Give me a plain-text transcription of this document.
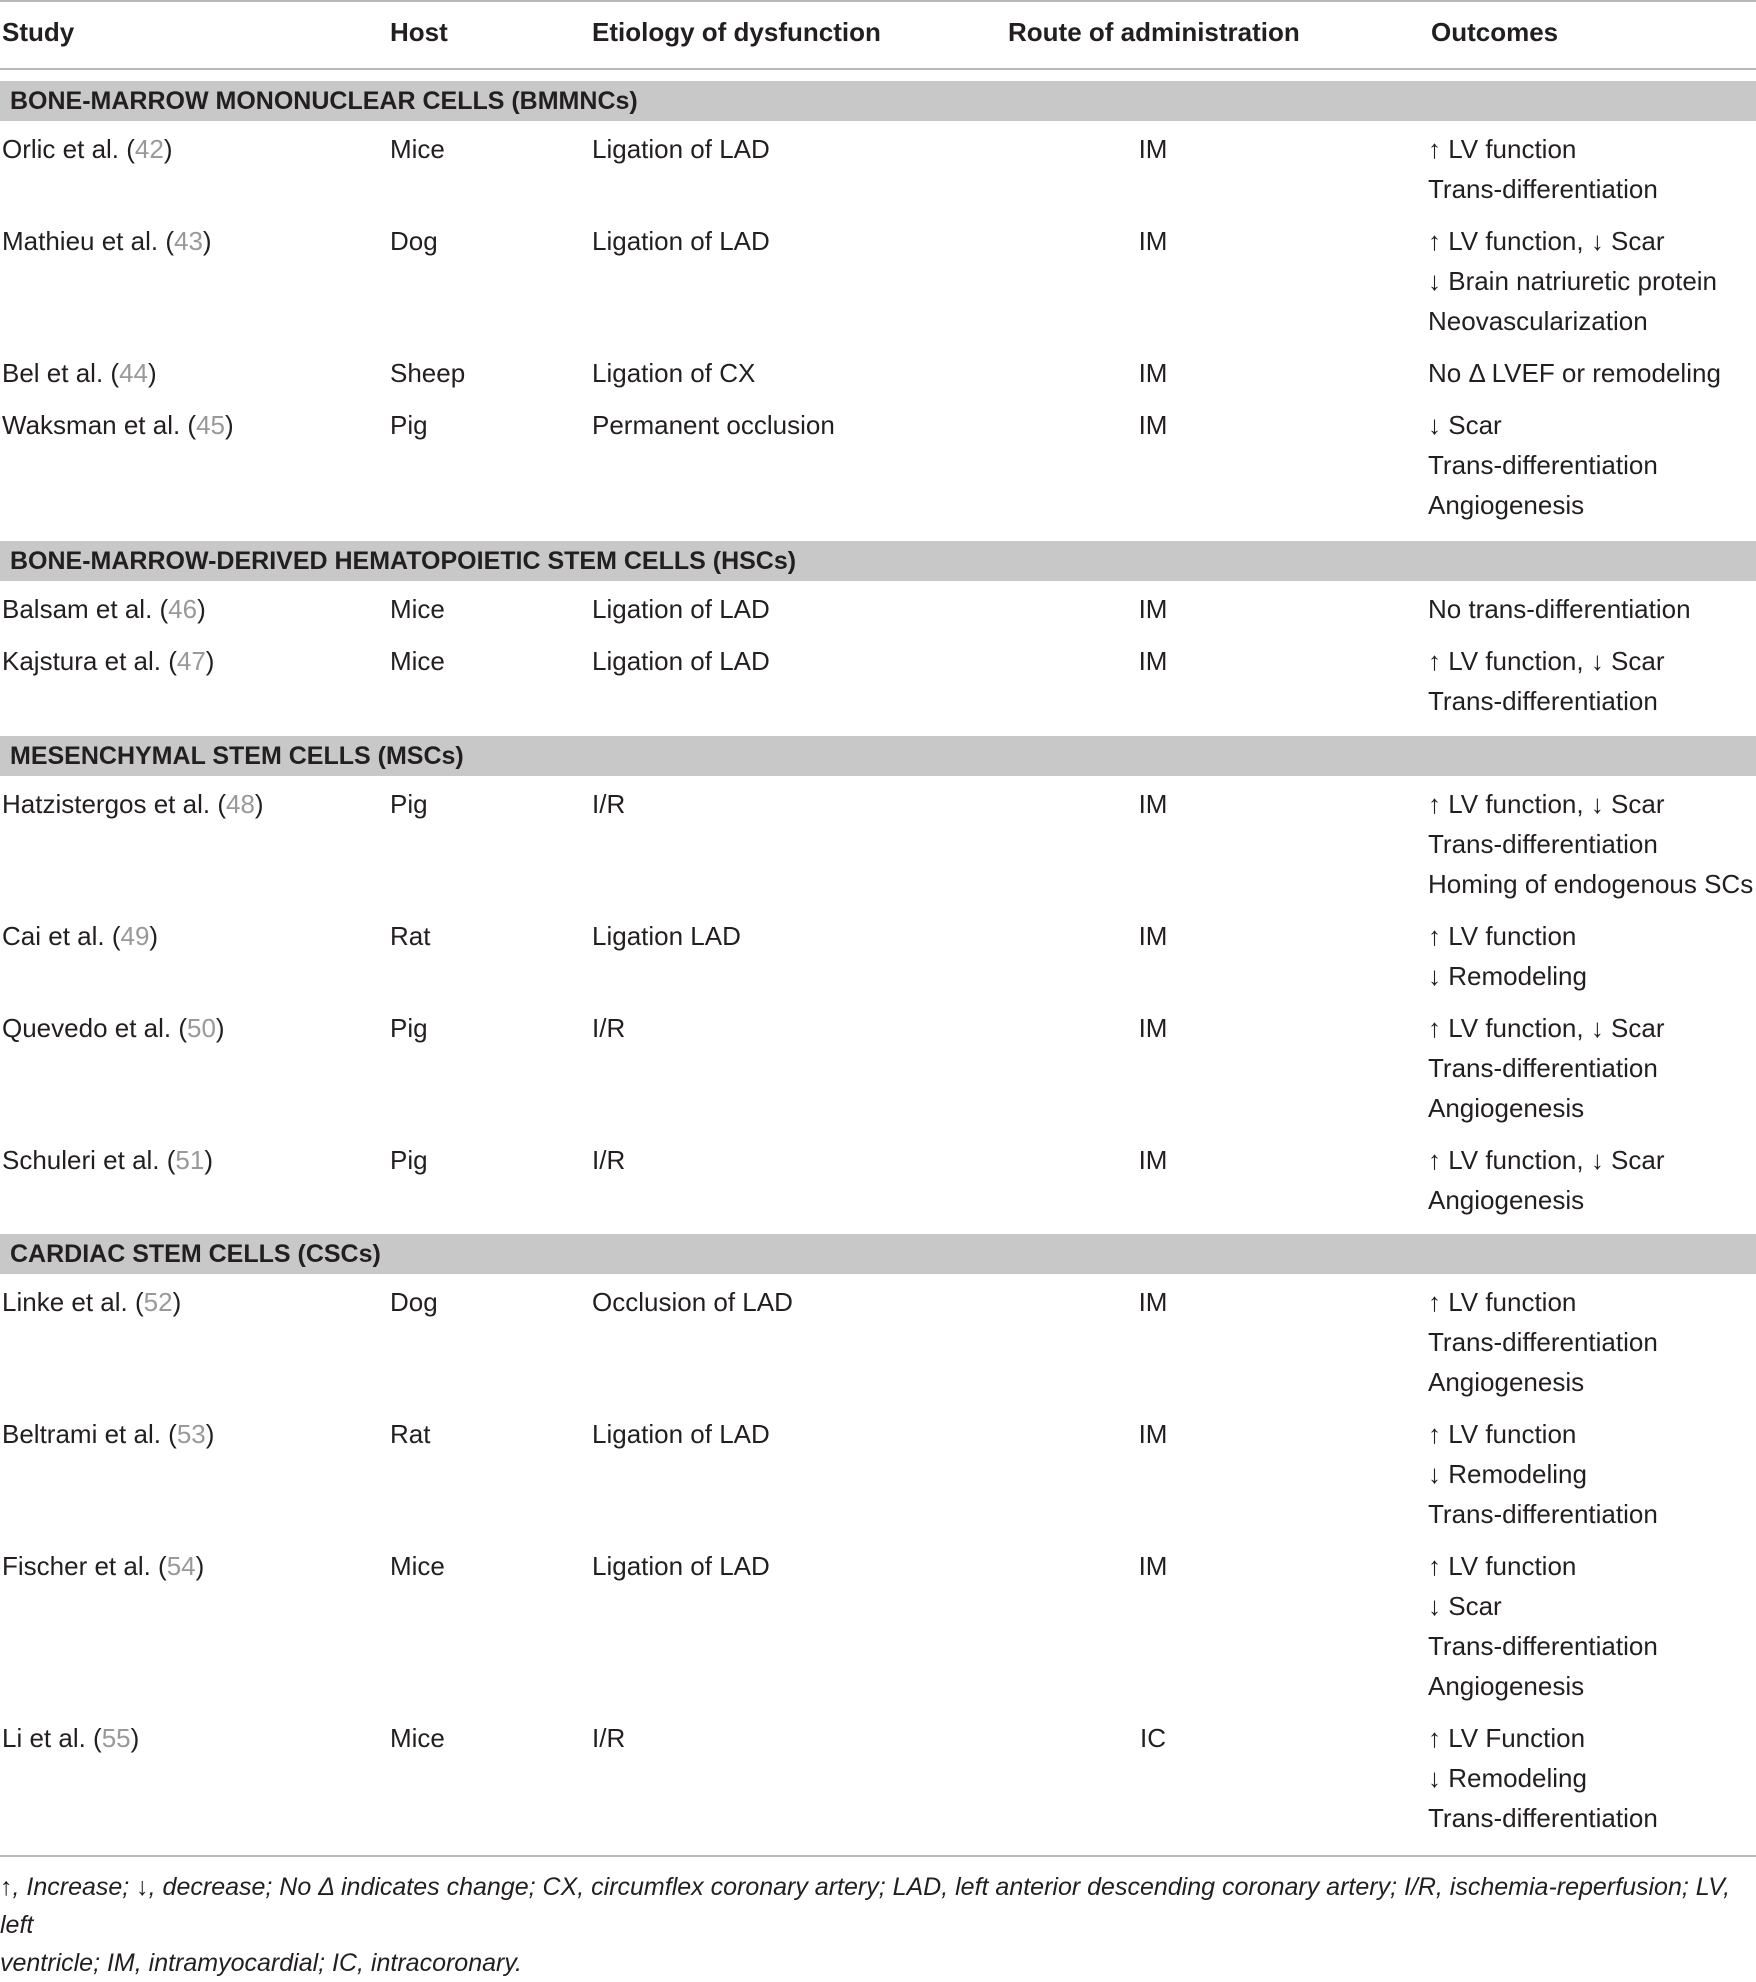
Study	Host	Etiology of dysfunction	Route of administration	Outcomes
BONE-MARROW MONONUCLEAR CELLS (BMMNCs)
Orlic et al. (42)	Mice	Ligation of LAD	IM	↑ LV function
Trans-differentiation
Mathieu et al. (43)	Dog	Ligation of LAD	IM	↑ LV function, ↓ Scar
↓ Brain natriuretic protein
Neovascularization
Bel et al. (44)	Sheep	Ligation of CX	IM	No Δ LVEF or remodeling
Waksman et al. (45)	Pig	Permanent occlusion	IM	↓ Scar
Trans-differentiation
Angiogenesis
BONE-MARROW-DERIVED HEMATOPOIETIC STEM CELLS (HSCs)
Balsam et al. (46)	Mice	Ligation of LAD	IM	No trans-differentiation
Kajstura et al. (47)	Mice	Ligation of LAD	IM	↑ LV function, ↓ Scar
Trans-differentiation
MESENCHYMAL STEM CELLS (MSCs)
Hatzistergos et al. (48)	Pig	I/R	IM	↑ LV function, ↓ Scar
Trans-differentiation
Homing of endogenous SCs
Cai et al. (49)	Rat	Ligation LAD	IM	↑ LV function
↓ Remodeling
Quevedo et al. (50)	Pig	I/R	IM	↑ LV function, ↓ Scar
Trans-differentiation
Angiogenesis
Schuleri et al. (51)	Pig	I/R	IM	↑ LV function, ↓ Scar
Angiogenesis
CARDIAC STEM CELLS (CSCs)
Linke et al. (52)	Dog	Occlusion of LAD	IM	↑ LV function
Trans-differentiation
Angiogenesis
Beltrami et al. (53)	Rat	Ligation of LAD	IM	↑ LV function
↓ Remodeling
Trans-differentiation
Fischer et al. (54)	Mice	Ligation of LAD	IM	↑ LV function
↓ Scar
Trans-differentiation
Angiogenesis
Li et al. (55)	Mice	I/R	IC	↑ LV Function
↓ Remodeling
Trans-differentiation
↑, Increase; ↓, decrease; No Δ indicates change; CX, circumflex coronary artery; LAD, left anterior descending coronary artery; I/R, ischemia-reperfusion; LV, left
ventricle; IM, intramyocardial; IC, intracoronary.
